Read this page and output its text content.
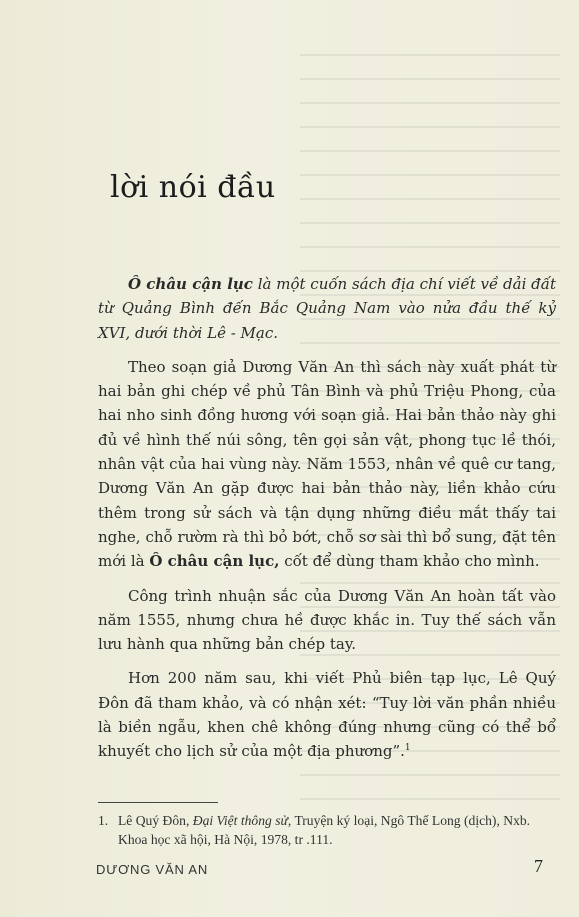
lời nói đầu

Ô châu cận lục là một cuốn sách địa chí viết về dải đất từ Quảng Bình đến Bắc Quảng Nam vào nửa đầu thế kỷ XVI, dưới thời Lê - Mạc.

Theo soạn giả Dương Văn An thì sách này xuất phát từ hai bản ghi chép về phủ Tân Bình và phủ Triệu Phong, của hai nho sinh đồng hương với soạn giả. Hai bản thảo này ghi đủ về hình thế núi sông, tên gọi sản vật, phong tục lề thói, nhân vật của hai vùng này. Năm 1553, nhân về quê cư tang, Dương Văn An gặp được hai bản thảo này, liền khảo cứu thêm trong sử sách và tận dụng những điều mắt thấy tai nghe, chỗ rườm rà thì bỏ bớt, chỗ sơ sài thì bổ sung, đặt tên mới là Ô châu cận lục, cốt để dùng tham khảo cho mình.

Công trình nhuận sắc của Dương Văn An hoàn tất vào năm 1555, nhưng chưa hề được khắc in. Tuy thế sách vẫn lưu hành qua những bản chép tay.

Hơn 200 năm sau, khi viết Phủ biên tạp lục, Lê Quý Đôn đã tham khảo, và có nhận xét: “Tuy lời văn phần nhiều là biền ngẫu, khen chê không đúng nhưng cũng có thể bổ khuyết cho lịch sử của một địa phương”.$^1$

1. Lê Quý Đôn, Đại Việt thông sử, Truyện ký loại, Ngô Thế Long (dịch), Nxb.
Khoa học xã hội, Hà Nội, 1978, tr .111.
DƯƠNG VĂN AN	7
